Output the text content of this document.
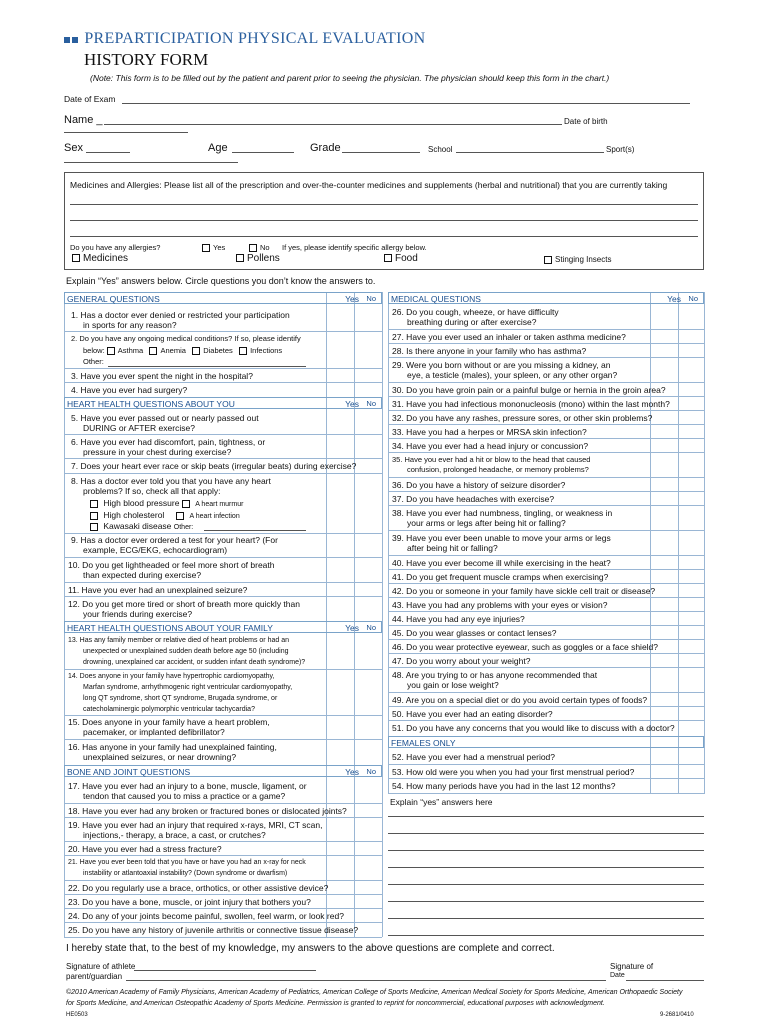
PREPARTICIPATION PHYSICAL EVALUATION
HISTORY FORM
(Note: This form is to be filled out by the patient and parent prior to seeing the physician. The physician should keep this form in the chart.)
Date of Exam
Name _	Date of birth
Sex	Age	Grade	School	Sport(s)
Medicines and Allergies: Please list all of the prescription and over-the-counter medicines and supplements (herbal and nutritional) that you are currently taking
Do you have any allergies?	Yes	No If yes, please identify specific allergy below.
Medicines	Pollens	Food	Stinging Insects
Explain “Yes” answers below. Circle questions you don’t know the answers to.
GENERAL QUESTIONS	Yes No
1. Has a doctor ever denied or restricted your participation
in sports for any reason?
2. Do you have any ongoing medical conditions? If so, please identify
below: Asthma Anemia Diabetes Infections
Other:
3. Have you ever spent the night in the hospital?
4. Have you ever had surgery?
HEART HEALTH QUESTIONS ABOUT YOU	Yes No
5. Have you ever passed out or nearly passed out
DURING or AFTER exercise?
6. Have you ever had discomfort, pain, tightness, or
pressure in your chest during exercise?
7. Does your heart ever race or skip beats (irregular beats) during exercise?
8. Has a doctor ever told you that you have any heart
problems? If so, check all that apply:
High blood pressure A heart murmur
High cholesterol	A heart infection
Kawasaki disease Other:
9. Has a doctor ever ordered a test for your heart? (For
example, ECG/EKG, echocardiogram)
10. Do you get lightheaded or feel more short of breath
than expected during exercise?
11. Have you ever had an unexplained seizure?
12. Do you get more tired or short of breath more quickly than
your friends during exercise?
HEART HEALTH QUESTIONS ABOUT YOUR FAMILY	Yes No
13. Has any family member or relative died of heart problems or had an
unexpected or unexplained sudden death before age 50 (including
drowning, unexplained car accident, or sudden infant death syndrome)?
14. Does anyone in your family have hypertrophic cardiomyopathy,
Marfan syndrome, arrhythmogenic right ventricular cardiomyopathy,
long QT syndrome, short QT syndrome, Brugada syndrome, or
catecholaminergic polymorphic ventricular tachycardia?
15. Does anyone in your family have a heart problem,
pacemaker, or implanted defibrillator?
16. Has anyone in your family had unexplained fainting,
unexplained seizures, or near drowning?
BONE AND JOINT QUESTIONS	Yes No
17. Have you ever had an injury to a bone, muscle, ligament, or
tendon that caused you to miss a practice or a game?
18. Have you ever had any broken or fractured bones or dislocated joints?
19. Have you ever had an injury that required x-rays, MRI, CT scan,
injections,- therapy, a brace, a cast, or crutches?
20. Have you ever had a stress fracture?
21. Have you ever been told that you have or have you had an x-ray for neck
instability or atlantoaxial instability? (Down syndrome or dwarfism)
22. Do you regularly use a brace, orthotics, or other assistive device?
23. Do you have a bone, muscle, or joint injury that bothers you?
24. Do any of your joints become painful, swollen, feel warm, or look red?
25. Do you have any history of juvenile arthritis or connective tissue disease?
MEDICAL QUESTIONS	Yes No
26. Do you cough, wheeze, or have difficulty
breathing during or after exercise?
27. Have you ever used an inhaler or taken asthma medicine?
28. Is there anyone in your family who has asthma?
29. Were you born without or are you missing a kidney, an
eye, a testicle (males), your spleen, or any other organ?
30. Do you have groin pain or a painful bulge or hernia in the groin area?
31. Have you had infectious mononucleosis (mono) within the last month?
32. Do you have any rashes, pressure sores, or other skin problems?
33. Have you had a herpes or MRSA skin infection?
34. Have you ever had a head injury or concussion?
35. Have you ever had a hit or blow to the head that caused
confusion, prolonged headache, or memory problems?
36. Do you have a history of seizure disorder?
37. Do you have headaches with exercise?
38. Have you ever had numbness, tingling, or weakness in
your arms or legs after being hit or falling?
39. Have you ever been unable to move your arms or legs
after being hit or falling?
40. Have you ever become ill while exercising in the heat?
41. Do you get frequent muscle cramps when exercising?
42. Do you or someone in your family have sickle cell trait or disease?
43. Have you had any problems with your eyes or vision?
44. Have you had any eye injuries?
45. Do you wear glasses or contact lenses?
46. Do you wear protective eyewear, such as goggles or a face shield?
47. Do you worry about your weight?
48. Are you trying to or has anyone recommended that
you gain or lose weight?
49. Are you on a special diet or do you avoid certain types of foods?
50. Have you ever had an eating disorder?
51. Do you have any concerns that you would like to discuss with a doctor?
FEMALES ONLY
52. Have you ever had a menstrual period?
53. How old were you when you had your first menstrual period?
54. How many periods have you had in the last 12 months?
Explain “yes” answers here
I hereby state that, to the best of my knowledge, my answers to the above questions are complete and correct.
Signature of athlete
parent/guardian
Signature of
Date
©2010 American Academy of Family Physicians, American Academy of Pediatrics, American College of Sports Medicine, American Medical Society for Sports Medicine, American Orthopaedic Society
for Sports Medicine, and American Osteopathic Academy of Sports Medicine. Permission is granted to reprint for noncommercial, educational purposes with acknowledgment.
HE0503	9-2681/0410
